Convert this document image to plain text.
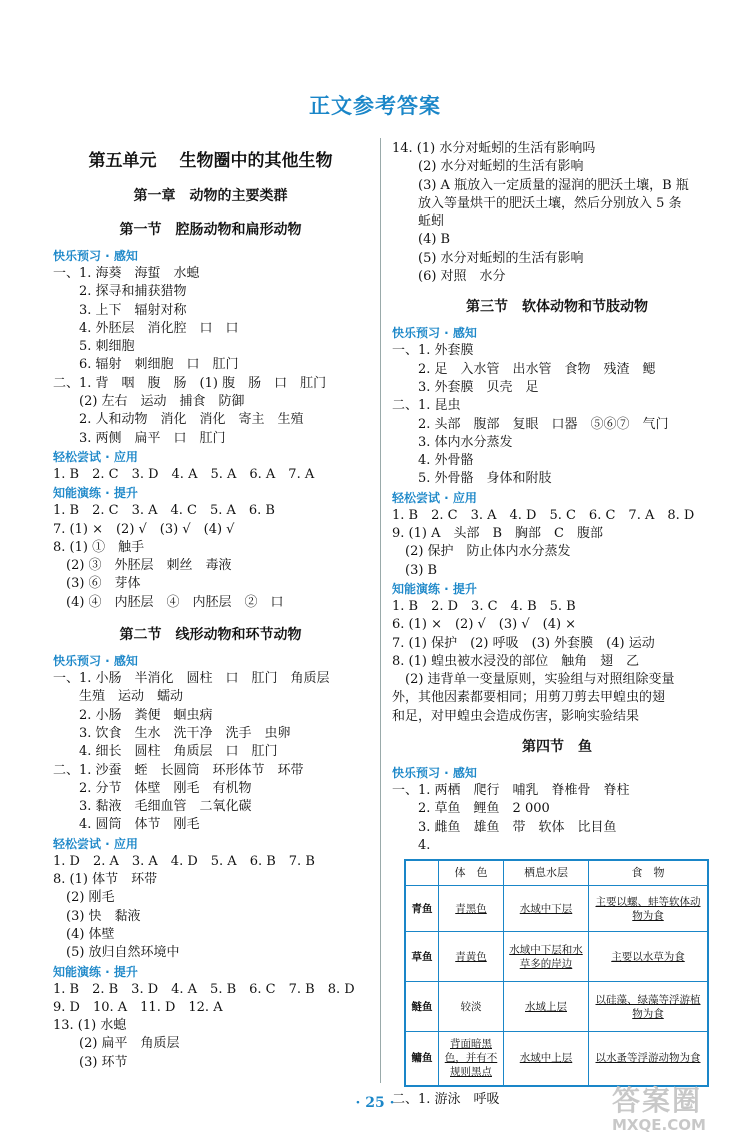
正文参考答案
第五单元　 生物圈中的其他生物
第一章　动物的主要类群
第一节　腔肠动物和扁形动物
快乐预习 · 感知
一、1. 海葵　海蜇　水螅
2. 探寻和捕获猎物
3. 上下　辐射对称
4. 外胚层　消化腔　口　口
5. 刺细胞
6. 辐射　刺细胞　口　肛门
二、1. 背　咽　腹　肠　(1) 腹　肠　口　肛门
(2) 左右　运动　捕食　防御
2. 人和动物　消化　消化　寄主　生殖
3. 两侧　扁平　口　肛门
轻松尝试 · 应用
1. B　2. C　3. D　4. A　5. A　6. A　7. A
知能演练 · 提升
1. B　2. C　3. A　4. C　5. A　6. B
7. (1) ×　(2) √　(3) √　(4) √
8. (1) ①　触手
(2) ③　外胚层　刺丝　毒液
(3) ⑥　芽体
(4) ④　内胚层　④　内胚层　②　口
第二节　线形动物和环节动物
快乐预习 · 感知
一、1. 小肠　半消化　圆柱　口　肛门　角质层
生殖　运动　蠕动
2. 小肠　粪便　蛔虫病
3. 饮食　生水　洗干净　洗手　虫卵
4. 细长　圆柱　角质层　口　肛门
二、1. 沙蚕　蛭　长圆筒　环形体节　环带
2. 分节　体壁　刚毛　有机物
3. 黏液　毛细血管　二氧化碳
4. 圆筒　体节　刚毛
轻松尝试 · 应用
1. D　2. A　3. A　4. D　5. A　6. B　7. B
8. (1) 体节　环带
(2) 刚毛
(3) 快　黏液
(4) 体壁
(5) 放归自然环境中
知能演练 · 提升
1. B　2. B　3. D　4. A　5. B　6. C　7. B　8. D
9. D　10. A　11. D　12. A
13. (1) 水螅
(2) 扁平　角质层
(3) 环节
14. (1) 水分对蚯蚓的生活有影响吗
(2) 水分对蚯蚓的生活有影响
(3) A 瓶放入一定质量的湿润的肥沃土壤，B 瓶
放入等量烘干的肥沃土壤，然后分别放入 5 条
蚯蚓
(4) B
(5) 水分对蚯蚓的生活有影响
(6) 对照　水分
第三节　软体动物和节肢动物
快乐预习 · 感知
一、1. 外套膜
2. 足　入水管　出水管　食物　残渣　鳃
3. 外套膜　贝壳　足
二、1. 昆虫
2. 头部　腹部　复眼　口器　⑤⑥⑦　气门
3. 体内水分蒸发
4. 外骨骼
5. 外骨骼　身体和附肢
轻松尝试 · 应用
1. B　2. C　3. A　4. D　5. C　6. C　7. A　8. D
9. (1) A　头部　B　胸部　C　腹部
(2) 保护　防止体内水分蒸发
(3) B
知能演练 · 提升
1. B　2. D　3. C　4. B　5. B
6. (1) ×　(2) √　(3) √　(4) ×
7. (1) 保护　(2) 呼吸　(3) 外套膜　(4) 运动
8. (1) 蝗虫被水浸没的部位　触角　翅　乙
(2) 违背单一变量原则，实验组与对照组除变量
外，其他因素都要相同；用剪刀剪去甲蝗虫的翅
和足，对甲蝗虫会造成伤害，影响实验结果
第四节　鱼
快乐预习 · 感知
一、1. 两栖　爬行　哺乳　脊椎骨　脊柱
2. 草鱼　鲤鱼　2 000
3. 雌鱼　雄鱼　带　软体　比目鱼
4.
	体　色	栖息水层	食　物
青鱼	青黑色	水域中下层	主要以螺、蚌等软体动物为食
草鱼	青黄色	水域中下层和水草多的岸边	主要以水草为食
鲢鱼	较淡	水域上层	以硅藻、绿藻等浮游植物为食
鳙鱼	背面暗黑色，并有不规则黑点	水域中上层	以水蚤等浮游动物为食
二、1. 游泳　呼吸
· 25 ·	答案圈
MXQE.COM
